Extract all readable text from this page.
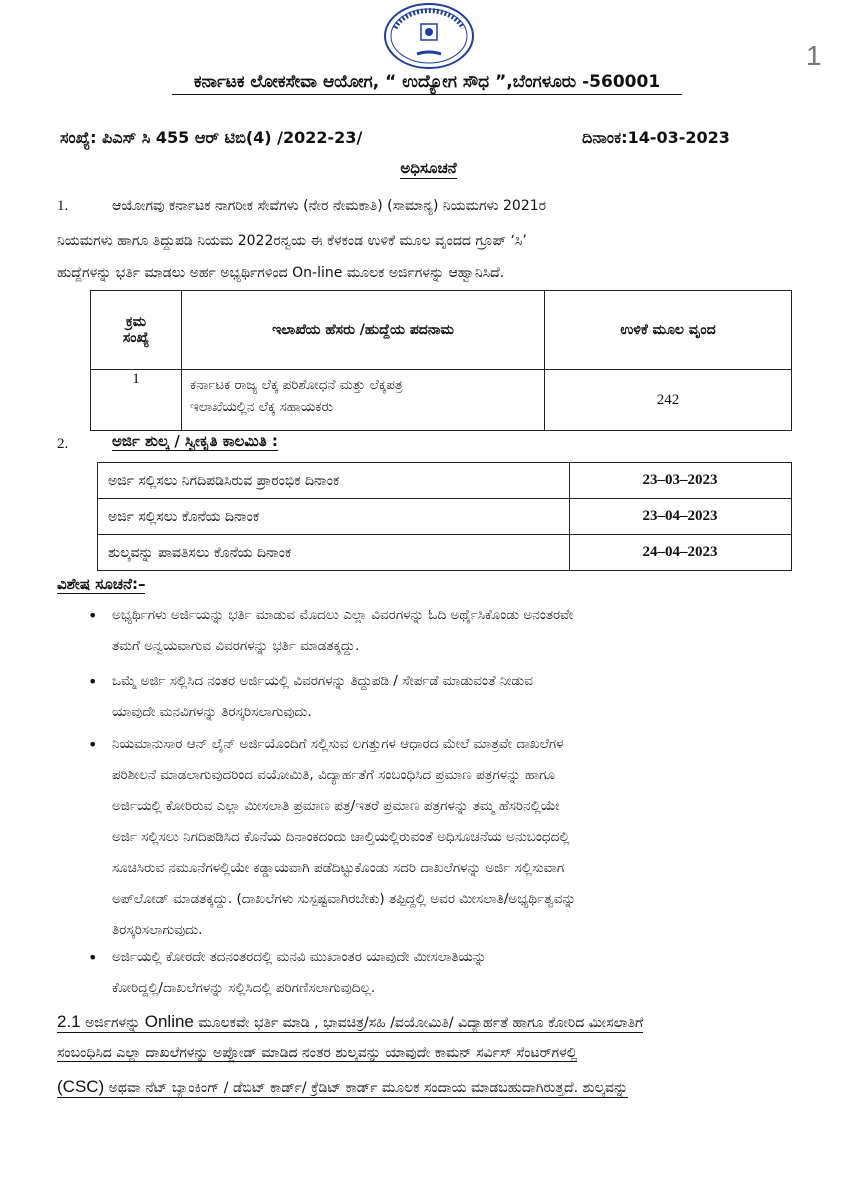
1
ಕರ್ನಾಟಕ ಲೋಕಸೇವಾ ಆಯೋಗ, “ ಉದ್ಯೋಗ ಸೌಧ ”,ಬೆಂಗಳೂರು -560001
ಸಂಖ್ಯೆ: ಪಿಎಸ್ ಸಿ 455 ಆರ್ ಟಿಬಿ(4) /2022-23/	ದಿನಾಂಕ:14-03-2023
ಅಧಿಸೂಚನೆ
1.	ಆಯೋಗವು ಕರ್ನಾಟಕ ನಾಗರೀಕ ಸೇವೆಗಳು (ನೇರ ನೇಮಕಾತಿ) (ಸಾಮಾನ್ಯ) ನಿಯಮಗಳು 2021ರ
ನಿಯಮಗಳು ಹಾಗೂ ತಿದ್ದುಪಡಿ ನಿಯಮ 2022ರನ್ವಯ ಈ ಕೆಳಕಂಡ ಉಳಿಕೆ ಮೂಲ ವೃಂದದ ಗ್ರೂಪ್ ‘ಸಿ’
ಹುದ್ದೆಗಳನ್ನು ಭರ್ತಿ ಮಾಡಲು ಅರ್ಹ ಅಭ್ಯರ್ಥಿಗಳಿಂದ On-line ಮೂಲಕ ಅರ್ಜಿಗಳನ್ನು ಆಹ್ವಾನಿಸಿದೆ.
ಕ್ರಮ
ಸಂಖ್ಯೆ	ಇಲಾಖೆಯ ಹೆಸರು /ಹುದ್ದೆಯ ಪದನಾಮ	ಉಳಿಕೆ ಮೂಲ ವೃಂದ
1	ಕರ್ನಾಟಕ ರಾಜ್ಯ ಲೆಕ್ಕ ಪರಿಶೋಧನೆ ಮತ್ತು ಲೆಕ್ಕಪತ್ರ
ಇಲಾಖೆಯಲ್ಲಿನ ಲೆಕ್ಕ ಸಹಾಯಕರು	242
2.	ಅರ್ಜಿ ಶುಲ್ಕ / ಸ್ವೀಕೃತಿ ಕಾಲಮಿತಿ :
ಅರ್ಜಿ ಸಲ್ಲಿಸಲು ನಿಗದಿಪಡಿಸಿರುವ ಪ್ರಾರಂಭಿಕ ದಿನಾಂಕ	23–03–2023
ಅರ್ಜಿ ಸಲ್ಲಿಸಲು ಕೊನೆಯ ದಿನಾಂಕ	23–04–2023
ಶುಲ್ಕವನ್ನು ಪಾವತಿಸಲು ಕೊನೆಯ ದಿನಾಂಕ	24–04–2023
ವಿಶೇಷ ಸೂಚನೆ:–
• ಅಭ್ಯರ್ಥಿಗಳು ಅರ್ಜಿಯನ್ನು ಭರ್ತಿ ಮಾಡುವ ಮೊದಲು ಎಲ್ಲಾ ವಿವರಗಳನ್ನು ಓದಿ ಅರ್ಥೈಸಿಕೊಂಡು ಅನಂತರವೇ
ತಮಗೆ ಅನ್ವಯವಾಗುವ ವಿವರಗಳನ್ನು ಭರ್ತಿ ಮಾಡತಕ್ಕದ್ದು.
• ಒಮ್ಮೆ ಅರ್ಜಿ ಸಲ್ಲಿಸಿದ ನಂತರ ಅರ್ಜಿಯಲ್ಲಿ ವಿವರಗಳನ್ನು ತಿದ್ದುಪಡಿ / ಸೇರ್ಪಡೆ ಮಾಡುವಂತೆ ನೀಡುವ
ಯಾವುದೇ ಮನವಿಗಳನ್ನು ತಿರಸ್ಕರಿಸಲಾಗುವುದು.
• ನಿಯಮಾನುಸಾರ ಆನ್ ಲೈನ್ ಅರ್ಜಿಯೊಂದಿಗೆ ಸಲ್ಲಿಸುವ ಲಗತ್ತುಗಳ ಆಧಾರದ ಮೇಲೆ ಮಾತ್ರವೇ ದಾಖಲೆಗಳ
ಪರಿಶೀಲನೆ ಮಾಡಲಾಗುವುದರಿಂದ ವಯೋಮಿತಿ, ವಿದ್ಯಾರ್ಹತೆಗೆ ಸಂಬಂಧಿಸಿದ ಪ್ರಮಾಣ ಪತ್ರಗಳನ್ನು ಹಾಗೂ
ಅರ್ಜಿಯಲ್ಲಿ ಕೋರಿರುವ ಎಲ್ಲಾ ಮೀಸಲಾತಿ ಪ್ರಮಾಣ ಪತ್ರ/ಇತರೆ ಪ್ರಮಾಣ ಪತ್ರಗಳನ್ನು ತಮ್ಮ ಹೆಸರಿನಲ್ಲಿಯೇ
ಅರ್ಜಿ ಸಲ್ಲಿಸಲು ನಿಗದಿಪಡಿಸಿದ ಕೊನೆಯ ದಿನಾಂಕದಂದು ಚಾಲ್ತಿಯಲ್ಲಿರುವಂತೆ ಅಧಿಸೂಚನೆಯ ಅನುಬಂಧದಲ್ಲಿ
ಸೂಚಿಸಿರುವ ನಮೂನೆಗಳಲ್ಲಿಯೇ ಕಡ್ಡಾಯವಾಗಿ ಪಡೆದಿಟ್ಟುಕೊಂಡು ಸದರಿ ದಾಖಲೆಗಳನ್ನು ಅರ್ಜಿ ಸಲ್ಲಿಸುವಾಗ
ಅಪ್‌ಲೋಡ್ ಮಾಡತಕ್ಕದ್ದು. (ದಾಖಲೆಗಳು ಸುಸ್ಪಷ್ಟವಾಗಿರಬೇಕು) ತಪ್ಪಿದ್ದಲ್ಲಿ ಅವರ ಮೀಸಲಾತಿ/ಅಭ್ಯರ್ಥಿತ್ವವನ್ನು
ತಿರಸ್ಕರಿಸಲಾಗುವುದು.
• ಅರ್ಜಿಯಲ್ಲಿ ಕೋರದೇ ತದನಂತರದಲ್ಲಿ ಮನವಿ ಮುಖಾಂತರ ಯಾವುದೇ ಮೀಸಲಾತಿಯನ್ನು
ಕೋರಿದ್ದಲ್ಲಿ/ದಾಖಲೆಗಳನ್ನು ಸಲ್ಲಿಸಿದಲ್ಲಿ ಪರಿಗಣಿಸಲಾಗುವುದಿಲ್ಲ.
2.1 ಅರ್ಜಿಗಳನ್ನು Online ಮೂಲಕವೇ ಭರ್ತಿ ಮಾಡಿ , ಭಾವಚಿತ್ರ/ಸಹಿ /ವಯೋಮಿತಿ/ ವಿದ್ಯಾರ್ಹತೆ ಹಾಗೂ ಕೋರಿದ ಮೀಸಲಾತಿಗೆ
ಸಂಬಂಧಿಸಿದ ಎಲ್ಲಾ ದಾಖಲೆಗಳನ್ನು ಅಪ್ಲೋಡ್ ಮಾಡಿದ ನಂತರ ಶುಲ್ಕವನ್ನು ಯಾವುದೇ ಕಾಮನ್ ಸರ್ವಿಸ್ ಸೆಂಟರ್‌ಗಳಲ್ಲಿ
(CSC) ಅಥವಾ ನೆಟ್ ಬ್ಯಾಂಕಿಂಗ್ / ಡೆಬಿಟ್ ಕಾರ್ಡ್/ ಕ್ರೆಡಿಟ್ ಕಾರ್ಡ್ ಮೂಲಕ ಸಂದಾಯ ಮಾಡಬಹುದಾಗಿರುತ್ತದೆ. ಶುಲ್ಕವನ್ನು
